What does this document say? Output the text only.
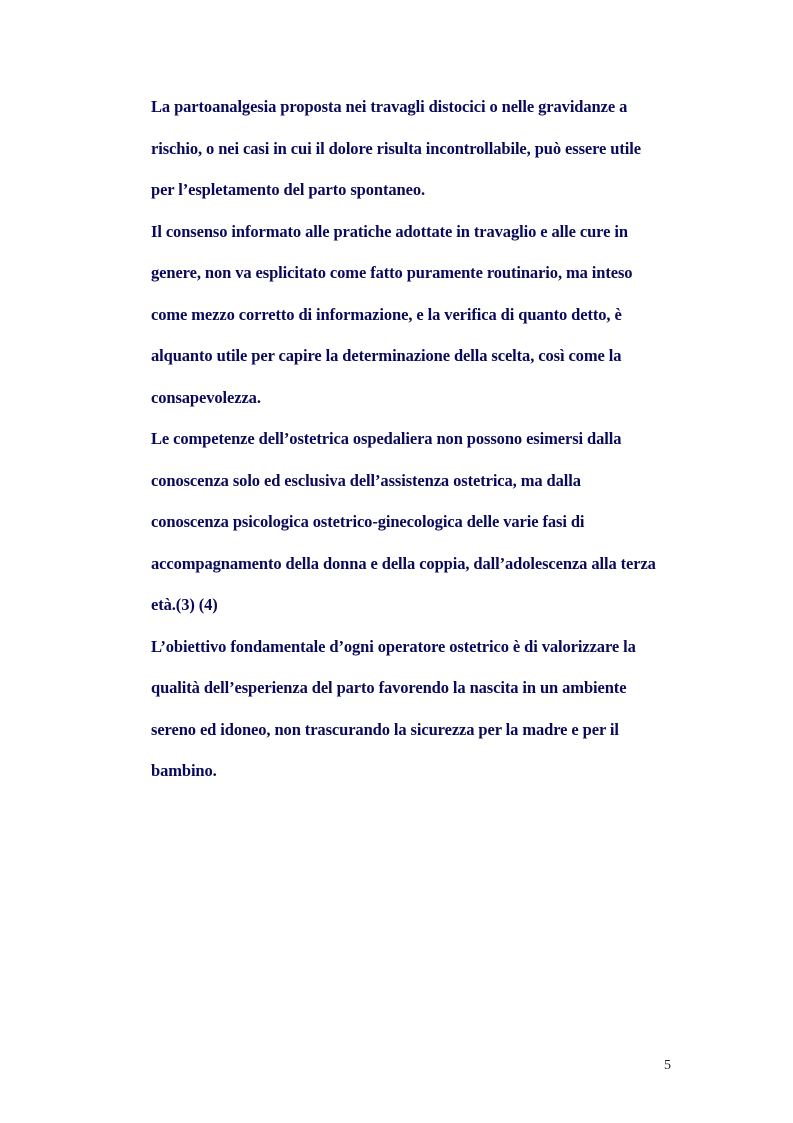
La partoanalgesia proposta nei travagli distocici o nelle gravidanze a
rischio, o nei casi in cui il dolore risulta incontrollabile, può essere utile
per l’espletamento del parto spontaneo.
Il consenso informato alle pratiche adottate in travaglio e alle cure in
genere, non va esplicitato come fatto puramente routinario, ma inteso
come mezzo corretto di informazione, e la verifica di quanto detto, è
alquanto utile per capire la determinazione della scelta, così come la
consapevolezza.
Le competenze dell’ostetrica ospedaliera non possono esimersi dalla
conoscenza solo ed esclusiva dell’assistenza ostetrica, ma dalla
conoscenza psicologica ostetrico-ginecologica delle varie fasi di
accompagnamento della donna e della coppia, dall’adolescenza alla terza
età.(3) (4)
L’obiettivo fondamentale d’ogni operatore ostetrico è di valorizzare la
qualità dell’esperienza del parto favorendo la nascita in un ambiente
sereno ed idoneo, non trascurando la sicurezza per la madre e per il
bambino.
5
